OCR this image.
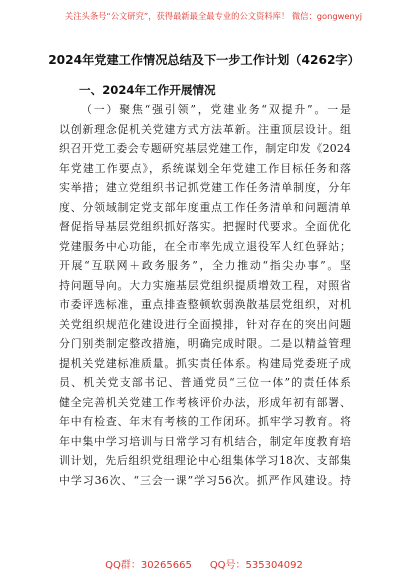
关注头条号“公文研究”，获得最新最全最专业的公文资料库！ 微信：gongwenyj
2024年党建工作情况总结及下一步工作计划（4262字）
一、2024年工作开展情况
（一）聚焦“强引领”，党建业务“双提升”。一是
以创新理念促机关党建方式方法革新。注重顶层设计。组
织召开党工委会专题研究基层党建工作，制定印发《2024
年党建工作要点》，系统谋划全年党建工作目标任务和落
实举措；建立党组织书记抓党建工作任务清单制度，分年
度、分领域制定党支部年度重点工作任务清单和问题清单
督促指导基层党组织抓好落实。把握时代要求。全面优化
党建服务中心功能，在全市率先成立退役军人红色驿站；
开展“互联网＋政务服务”，全力推动“指尖办事”。坚
持问题导向。大力实施基层党组织提质增效工程，对照省
市委评选标准，重点排查整顿软弱涣散基层党组织，对机
关党组织规范化建设进行全面摸排，针对存在的突出问题
分门别类制定整改措施，明确完成时限。二是以精益管理
提机关党建标准质量。抓实责任体系。构建局党委班子成
员、机关党支部书记、普通党员“三位一体”的责任体系
健全完善机关党建工作考核评价办法，形成年初有部署、
年中有检查、年末有考核的工作闭环。抓牢学习教育。将
年中集中学习培训与日常学习有机结合，制定年度教育培
训计划，先后组织党组理论中心组集体学习18次、支部集
中学习36次、“三会一课”学习56次。抓严作风建设。持
QQ群：30265665 QQ号：535304092
